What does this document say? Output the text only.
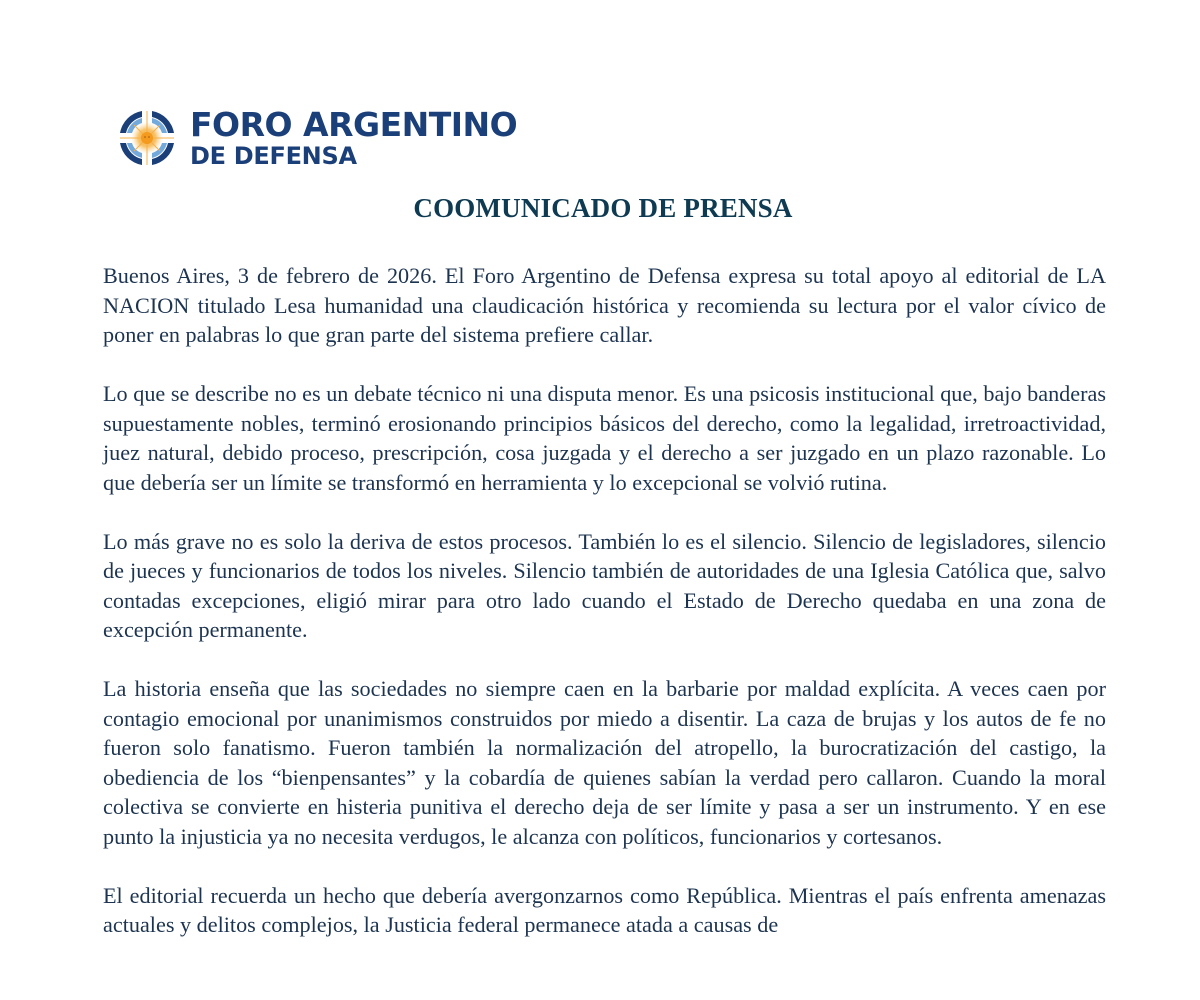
FORO ARGENTINO
DE DEFENSA
COOMUNICADO DE PRENSA

Buenos Aires, 3 de febrero de 2026. El Foro Argentino de Defensa expresa su total apoyo al editorial de LA NACION titulado Lesa humanidad una claudicación histórica y recomienda su lectura por el valor cívico de poner en palabras lo que gran parte del sistema prefiere callar.

Lo que se describe no es un debate técnico ni una disputa menor. Es una psicosis institucional que, bajo banderas supuestamente nobles, terminó erosionando principios básicos del derecho, como la legalidad, irretroactividad, juez natural, debido proceso, prescripción, cosa juzgada y el derecho a ser juzgado en un plazo razonable. Lo que debería ser un límite se transformó en herramienta y lo excepcional se volvió rutina.

Lo más grave no es solo la deriva de estos procesos. También lo es el silencio. Silencio de legisladores, silencio de jueces y funcionarios de todos los niveles. Silencio también de autoridades de una Iglesia Católica que, salvo contadas excepciones, eligió mirar para otro lado cuando el Estado de Derecho quedaba en una zona de excepción permanente.

La historia enseña que las sociedades no siempre caen en la barbarie por maldad explícita. A veces caen por contagio emocional por unanimismos construidos por miedo a disentir. La caza de brujas y los autos de fe no fueron solo fanatismo. Fueron también la normalización del atropello, la burocratización del castigo, la obediencia de los “bienpensantes” y la cobardía de quienes sabían la verdad pero callaron. Cuando la moral colectiva se convierte en histeria punitiva el derecho deja de ser límite y pasa a ser un instrumento. Y en ese punto la injusticia ya no necesita verdugos, le alcanza con políticos, funcionarios y cortesanos.

El editorial recuerda un hecho que debería avergonzarnos como República. Mientras el país enfrenta amenazas actuales y delitos complejos, la Justicia federal permanece atada a causas de
